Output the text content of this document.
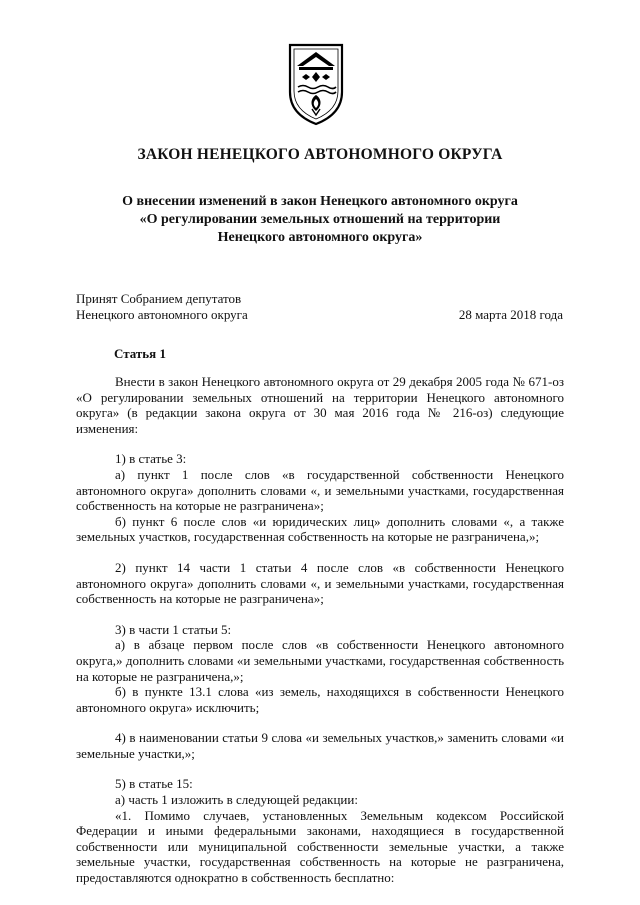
ЗАКОН НЕНЕЦКОГО АВТОНОМНОГО ОКРУГА
О внесении изменений в закон Ненецкого автономного округа
«О регулировании земельных отношений на территории
Ненецкого автономного округа»
Принят Собранием депутатов
Ненецкого автономного округа	28 марта 2018 года
Статья 1

Внести в закон Ненецкого автономного округа от 29 декабря 2005 года № 671-оз «О регулировании земельных отношений на территории Ненецкого автономного округа» (в редакции закона округа от 30 мая 2016 года № 216-оз) следующие изменения:

1) в статье 3:

а) пункт 1 после слов «в государственной собственности Ненецкого автономного округа» дополнить словами «, и земельными участками, государственная собственность на которые не разграничена»;

б) пункт 6 после слов «и юридических лиц» дополнить словами «, а также земельных участков, государственная собственность на которые не разграничена,»;

2) пункт 14 части 1 статьи 4 после слов «в собственности Ненецкого автономного округа» дополнить словами «, и земельными участками, государственная собственность на которые не разграничена»;

3) в части 1 статьи 5:

а) в абзаце первом после слов «в собственности Ненецкого автономного округа,» дополнить словами «и земельными участками, государственная собственность на которые не разграничена,»;

б) в пункте 13.1 слова «из земель, находящихся в собственности Ненецкого автономного округа» исключить;

4) в наименовании статьи 9 слова «и земельных участков,» заменить словами «и земельные участки,»;

5) в статье 15:

а) часть 1 изложить в следующей редакции:

«1. Помимо случаев, установленных Земельным кодексом Российской Федерации и иными федеральными законами, находящиеся в государственной собственности или муниципальной собственности земельные участки, а также земельные участки, государственная собственность на которые не разграничена, предоставляются однократно в собственность бесплатно:
